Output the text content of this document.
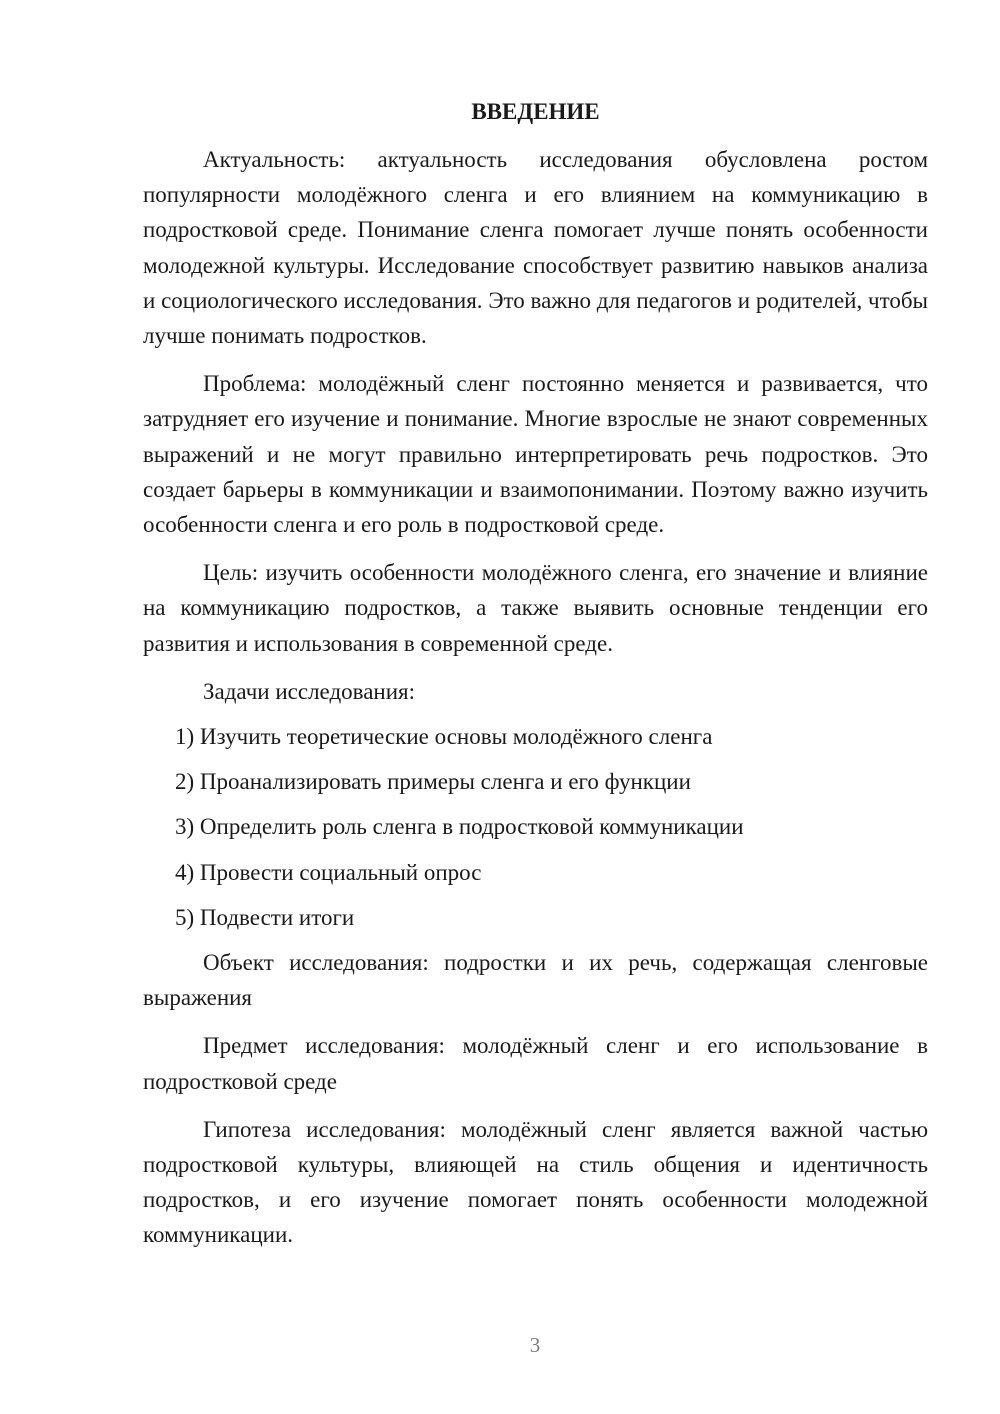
ВВЕДЕНИЕ

Актуальность: актуальность исследования обусловлена ростом популярности молодёжного сленга и его влиянием на коммуникацию в подростковой среде. Понимание сленга помогает лучше понять особенности молодежной культуры. Исследование способствует развитию навыков анализа и социологического исследования. Это важно для педагогов и родителей, чтобы лучше понимать подростков.

Проблема: молодёжный сленг постоянно меняется и развивается, что затрудняет его изучение и понимание. Многие взрослые не знают современных выражений и не могут правильно интерпретировать речь подростков. Это создает барьеры в коммуникации и взаимопонимании. Поэтому важно изучить особенности сленга и его роль в подростковой среде.

Цель: изучить особенности молодёжного сленга, его значение и влияние на коммуникацию подростков, а также выявить основные тенденции его развития и использования в современной среде.

Задачи исследования:

1) Изучить теоретические основы молодёжного сленга
2) Проанализировать примеры сленга и его функции
3) Определить роль сленга в подростковой коммуникации
4) Провести социальный опрос
5) Подвести итоги

Объект исследования: подростки и их речь, содержащая сленговые выражения

Предмет исследования: молодёжный сленг и его использование в подростковой среде

Гипотеза исследования: молодёжный сленг является важной частью подростковой культуры, влияющей на стиль общения и идентичность подростков, и его изучение помогает понять особенности молодежной коммуникации.

3
